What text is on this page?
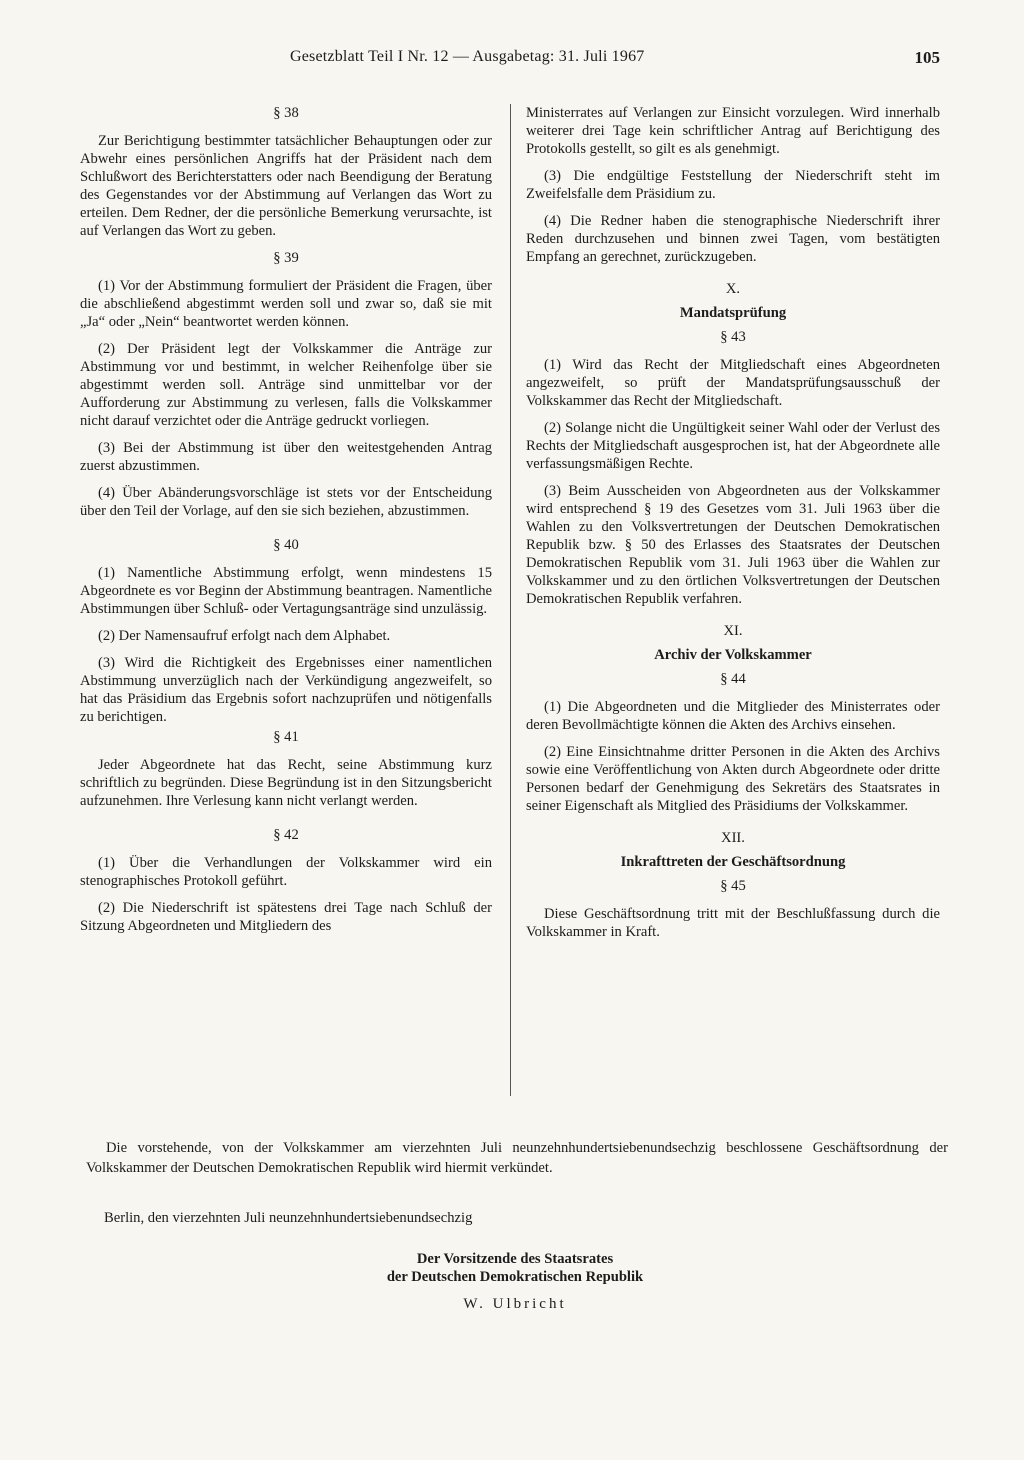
Gesetzblatt Teil I Nr. 12 — Ausgabetag: 31. Juli 1967	105

§ 38

Zur Berichtigung bestimmter tatsächlicher Behauptungen oder zur Abwehr eines persönlichen Angriffs hat der Präsident nach dem Schlußwort des Berichterstatters oder nach Beendigung der Beratung des Gegenstandes vor der Abstimmung auf Verlangen das Wort zu erteilen. Dem Redner, der die persönliche Bemerkung verursachte, ist auf Verlangen das Wort zu geben.

§ 39

(1) Vor der Abstimmung formuliert der Präsident die Fragen, über die abschließend abgestimmt werden soll und zwar so, daß sie mit „Ja“ oder „Nein“ beantwortet werden können.

(2) Der Präsident legt der Volkskammer die Anträge zur Abstimmung vor und bestimmt, in welcher Reihenfolge über sie abgestimmt werden soll. Anträge sind unmittelbar vor der Aufforderung zur Abstimmung zu verlesen, falls die Volkskammer nicht darauf verzichtet oder die Anträge gedruckt vorliegen.

(3) Bei der Abstimmung ist über den weitestgehenden Antrag zuerst abzustimmen.

(4) Über Abänderungsvorschläge ist stets vor der Entscheidung über den Teil der Vorlage, auf den sie sich beziehen, abzustimmen.

§ 40

(1) Namentliche Abstimmung erfolgt, wenn mindestens 15 Abgeordnete es vor Beginn der Abstimmung beantragen. Namentliche Abstimmungen über Schluß- oder Vertagungsanträge sind unzulässig.

(2) Der Namensaufruf erfolgt nach dem Alphabet.

(3) Wird die Richtigkeit des Ergebnisses einer namentlichen Abstimmung unverzüglich nach der Verkündigung angezweifelt, so hat das Präsidium das Ergebnis sofort nachzuprüfen und nötigenfalls zu berichtigen.

§ 41

Jeder Abgeordnete hat das Recht, seine Abstimmung kurz schriftlich zu begründen. Diese Begründung ist in den Sitzungsbericht aufzunehmen. Ihre Verlesung kann nicht verlangt werden.

§ 42

(1) Über die Verhandlungen der Volkskammer wird ein stenographisches Protokoll geführt.

(2) Die Niederschrift ist spätestens drei Tage nach Schluß der Sitzung Abgeordneten und Mitgliedern des

Ministerrates auf Verlangen zur Einsicht vorzulegen. Wird innerhalb weiterer drei Tage kein schriftlicher Antrag auf Berichtigung des Protokolls gestellt, so gilt es als genehmigt.

(3) Die endgültige Feststellung der Niederschrift steht im Zweifelsfalle dem Präsidium zu.

(4) Die Redner haben die stenographische Niederschrift ihrer Reden durchzusehen und binnen zwei Tagen, vom bestätigten Empfang an gerechnet, zurückzugeben.

X.

Mandatsprüfung

§ 43

(1) Wird das Recht der Mitgliedschaft eines Abgeordneten angezweifelt, so prüft der Mandatsprüfungsausschuß der Volkskammer das Recht der Mitgliedschaft.

(2) Solange nicht die Ungültigkeit seiner Wahl oder der Verlust des Rechts der Mitgliedschaft ausgesprochen ist, hat der Abgeordnete alle verfassungsmäßigen Rechte.

(3) Beim Ausscheiden von Abgeordneten aus der Volkskammer wird entsprechend § 19 des Gesetzes vom 31. Juli 1963 über die Wahlen zu den Volksvertretungen der Deutschen Demokratischen Republik bzw. § 50 des Erlasses des Staatsrates der Deutschen Demokratischen Republik vom 31. Juli 1963 über die Wahlen zur Volkskammer und zu den örtlichen Volksvertretungen der Deutschen Demokratischen Republik verfahren.

XI.

Archiv der Volkskammer

§ 44

(1) Die Abgeordneten und die Mitglieder des Ministerrates oder deren Bevollmächtigte können die Akten des Archivs einsehen.

(2) Eine Einsichtnahme dritter Personen in die Akten des Archivs sowie eine Veröffentlichung von Akten durch Abgeordnete oder dritte Personen bedarf der Genehmigung des Sekretärs des Staatsrates in seiner Eigenschaft als Mitglied des Präsidiums der Volkskammer.

XII.

Inkrafttreten der Geschäftsordnung

§ 45

Diese Geschäftsordnung tritt mit der Beschlußfassung durch die Volkskammer in Kraft.

Die vorstehende, von der Volkskammer am vierzehnten Juli neunzehnhundertsiebenundsechzig beschlossene Geschäftsordnung der Volkskammer der Deutschen Demokratischen Republik wird hiermit verkündet.
Berlin, den vierzehnten Juli neunzehnhundertsiebenundsechzig
Der Vorsitzende des Staatsrates
der Deutschen Demokratischen Republik
W. Ulbricht
